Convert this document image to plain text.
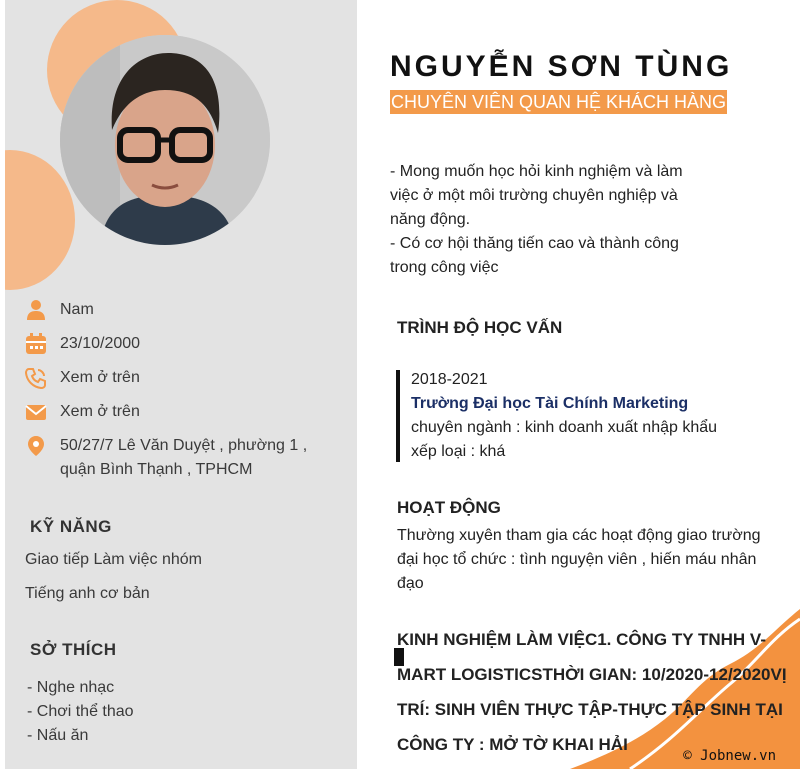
Nam
23/10/2000
Xem ở trên
Xem ở trên
50/27/7 Lê Văn Duyệt , phường 1 ,
quận Bình Thạnh , TPHCM
KỸ NĂNG
Giao tiếp Làm việc nhóm
Tiếng anh cơ bản
SỞ THÍCH
- Nghe nhạc
- Chơi thể thao
- Nấu ăn
NGUYỄN SƠN TÙNG
CHUYÊN VIÊN QUAN HỆ KHÁCH HÀNG
- Mong muốn học hỏi kinh nghiệm và làm việc ở một môi trường chuyên nghiệp và năng động.
- Có cơ hội thăng tiến cao và thành công trong công việc
TRÌNH ĐỘ HỌC VẤN
2018-2021
Trường Đại học Tài Chính Marketing
chuyên ngành : kinh doanh xuất nhập khẩu
xếp loại : khá
HOẠT ĐỘNG
Thường xuyên tham gia các hoạt động giao trường đại học tổ chức : tình nguyện viên , hiến máu nhân đạo
KINH NGHIỆM LÀM VIỆC1. CÔNG TY TNHH V-MART LOGISTICSTHỜI GIAN: 10/2020-12/2020VỊ TRÍ: SINH VIÊN THỰC TẬP-THỰC TẬP SINH TẠI CÔNG TY : MỞ TỜ KHAI HẢI
© Jobnew.vn
